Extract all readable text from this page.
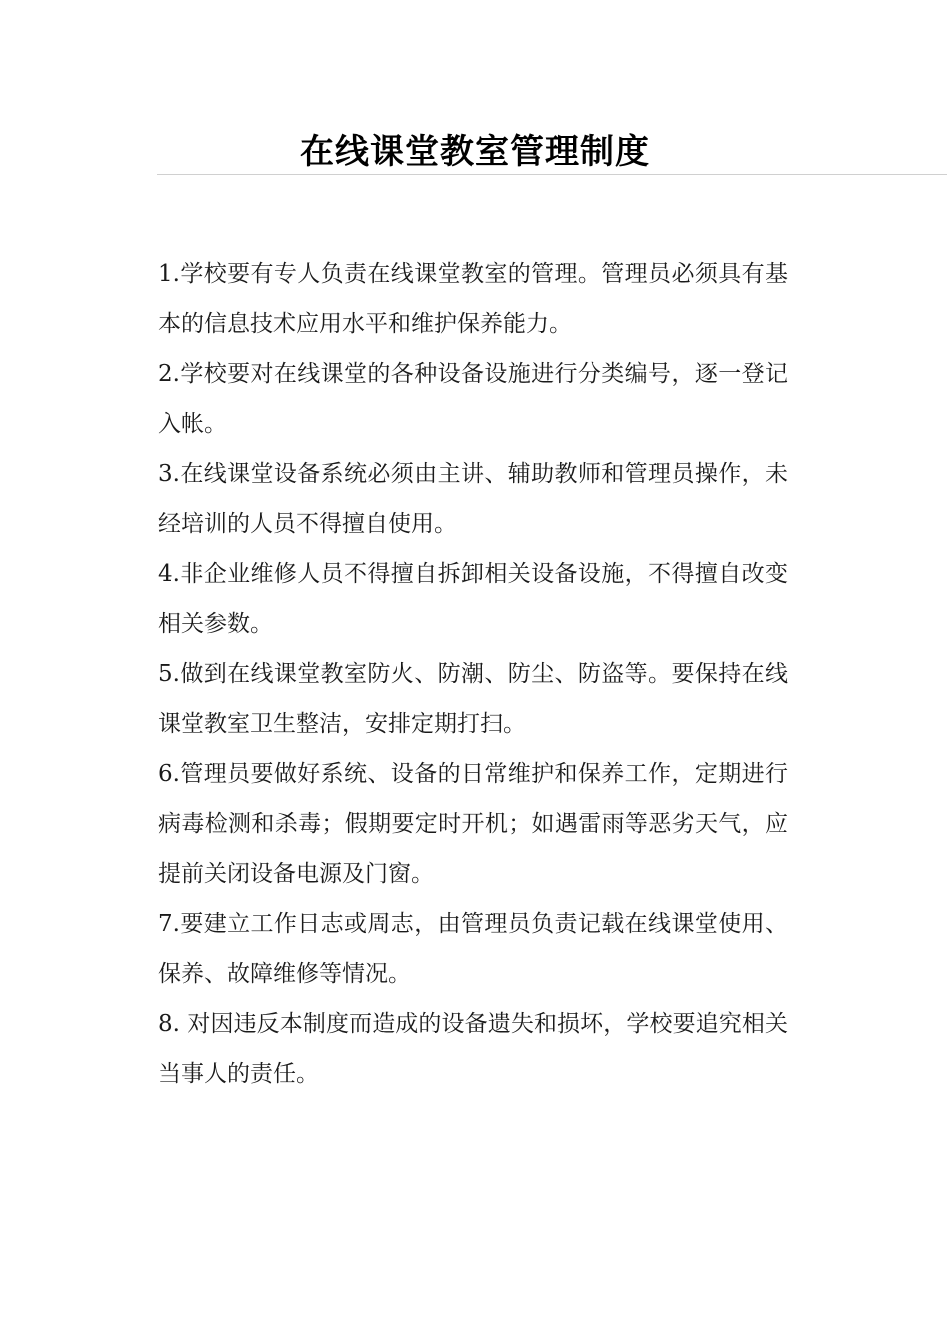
在线课堂教室管理制度

1.学校要有专人负责在线课堂教室的管理。管理员必须具有基本的信息技术应用水平和维护保养能力。

2.学校要对在线课堂的各种设备设施进行分类编号，逐一登记入帐。

3.在线课堂设备系统必须由主讲、辅助教师和管理员操作，未经培训的人员不得擅自使用。

4.非企业维修人员不得擅自拆卸相关设备设施，不得擅自改变相关参数。

5.做到在线课堂教室防火、防潮、防尘、防盗等。要保持在线课堂教室卫生整洁，安排定期打扫。

6.管理员要做好系统、设备的日常维护和保养工作，定期进行病毒检测和杀毒；假期要定时开机；如遇雷雨等恶劣天气，应提前关闭设备电源及门窗。

7.要建立工作日志或周志，由管理员负责记载在线课堂使用、保养、故障维修等情况。

8. 对因违反本制度而造成的设备遗失和损坏，学校要追究相关当事人的责任。
